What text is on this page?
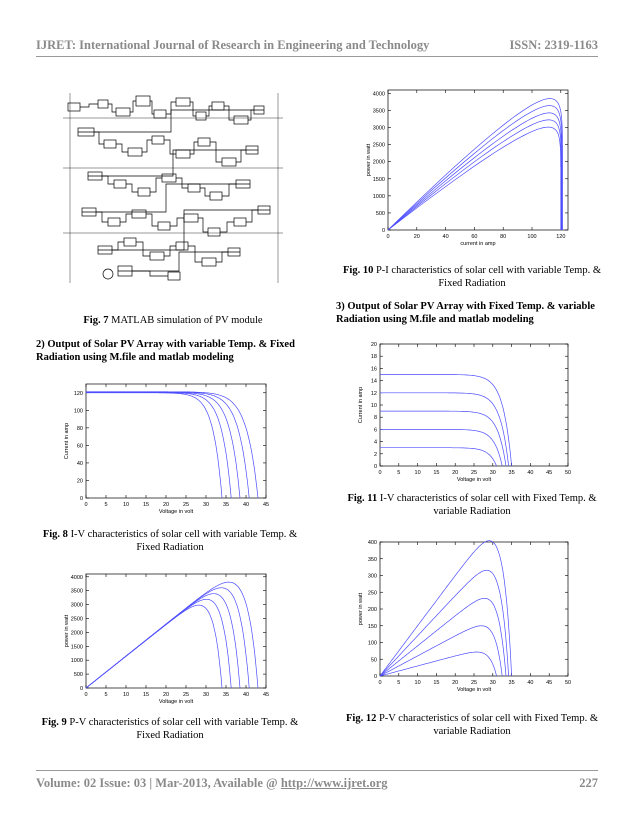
IJRET: International Journal of Research in Engineering and Technology	ISSN: 2319-1163
Fig. 7 MATLAB simulation of PV module
2) Output of Solar PV Array with variable Temp. & Fixed Radiation using M.file and matlab modeling
0	5	10	15	20	25	30	35	40	45
0
20
40
60
80
100
120
Voltage in volt
Current in amp
Fig. 8 I-V characteristics of solar cell with variable Temp. & Fixed Radiation
0	5	10	15	20	25	30	35	40	45
0
500
1000
1500
2000
2500
3000
3500
4000
Voltage in volt
power in watt
Fig. 9 P-V characteristics of solar cell with variable Temp. & Fixed Radiation
0	20	40	60	80	100	120
0
500
1000
1500
2000
2500
3000
3500
4000
current in amp
power in watt
Fig. 10 P-I characteristics of solar cell with variable Temp. & Fixed Radiation
3) Output of Solar PV Array with Fixed Temp. & variable Radiation using M.file and matlab modeling
0	5	10 15 20 25 30 35 40 45 50
0
2
4
6
8
10
12
14
16
18
20
Voltage in volt
Current in amp
Fig. 11 I-V characteristics of solar cell with Fixed Temp. & variable Radiation
0	5	10 15 20 25 30 35 40 45 50
0
50
100
150
200
250
300
350
400
Voltage in volt
power in watt
Fig. 12 P-V characteristics of solar cell with Fixed Temp. & variable Radiation
Volume: 02 Issue: 03 | Mar-2013, Available @ http://www.ijret.org	227
